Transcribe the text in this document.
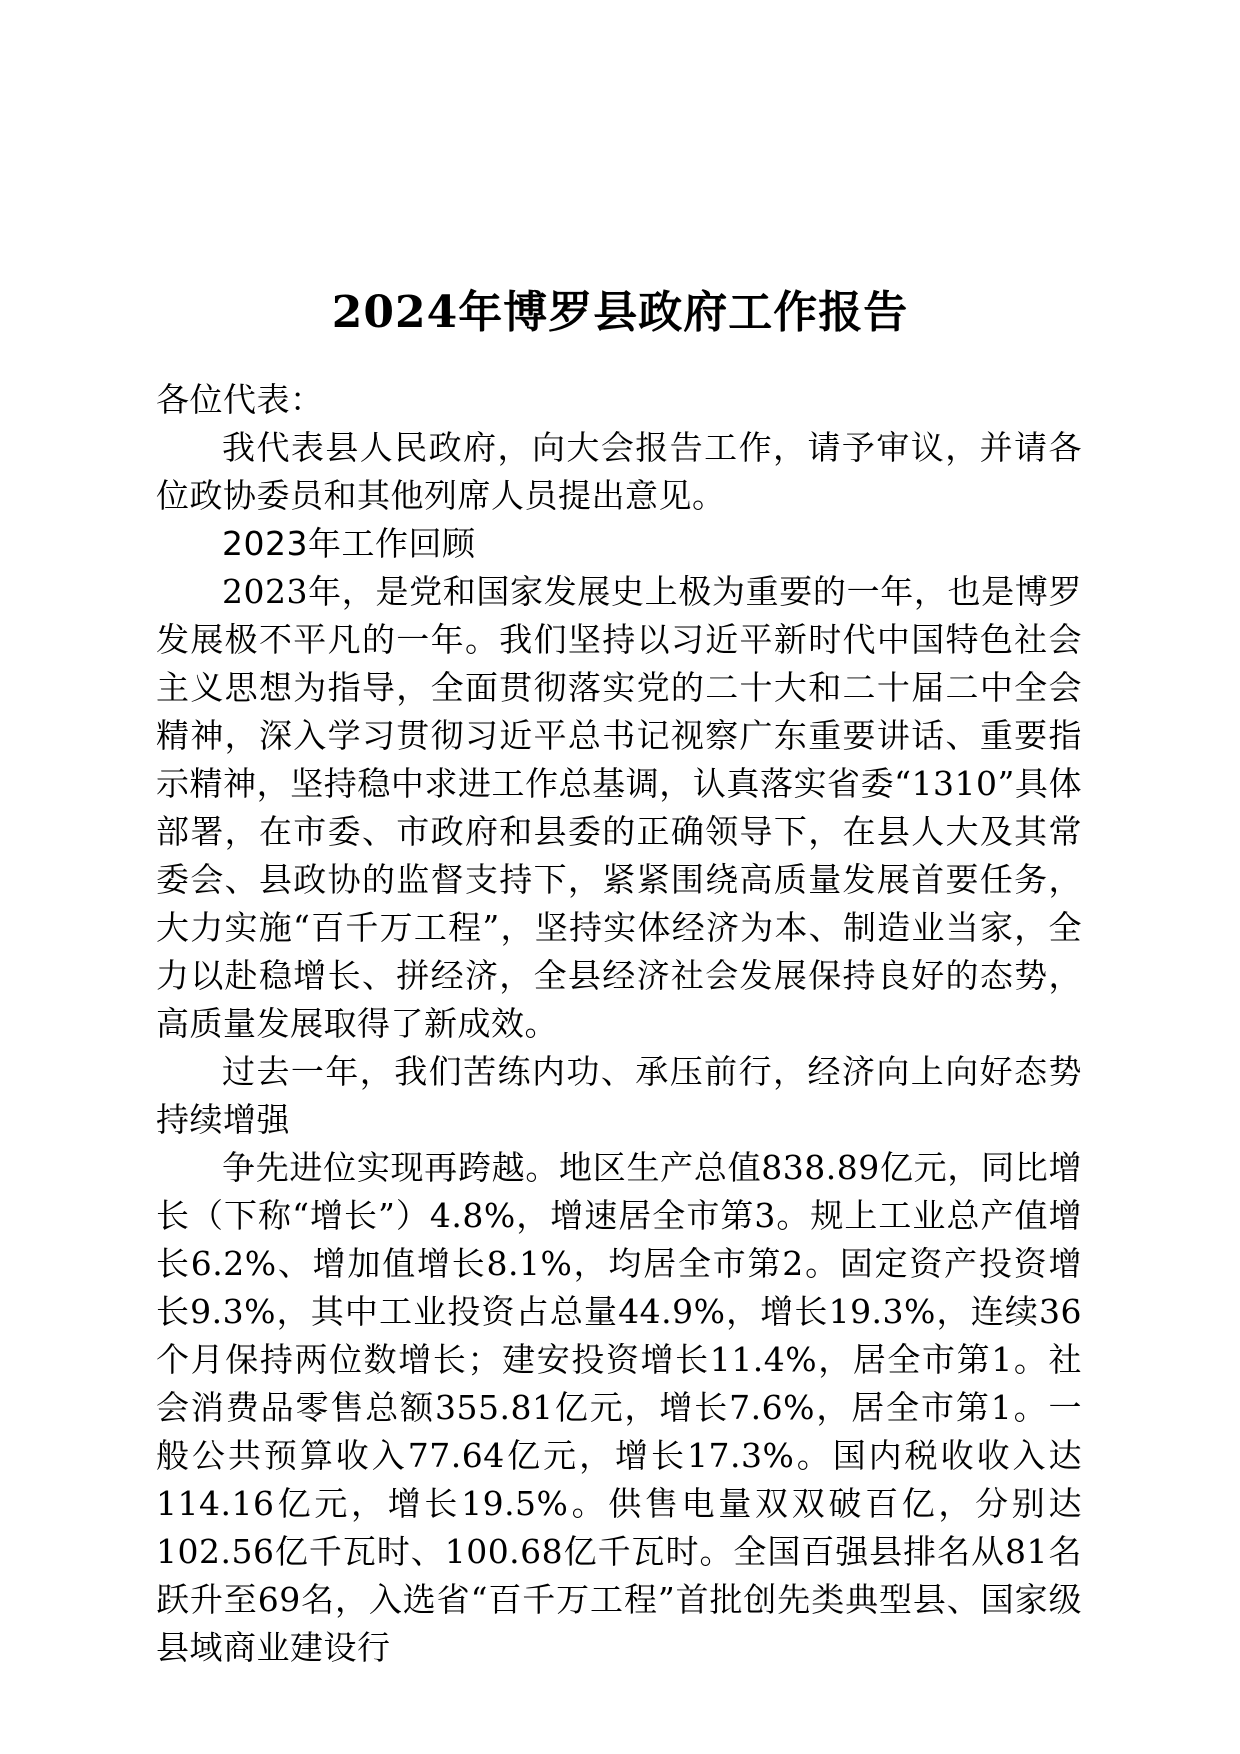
2024年博罗县政府工作报告

各位代表：

我代表县人民政府，向大会报告工作，请予审议，并请各位政协委员和其他列席人员提出意见。

2023年工作回顾

2023年，是党和国家发展史上极为重要的一年，也是博罗发展极不平凡的一年。我们坚持以习近平新时代中国特色社会主义思想为指导，全面贯彻落实党的二十大和二十届二中全会精神，深入学习贯彻习近平总书记视察广东重要讲话、重要指示精神，坚持稳中求进工作总基调，认真落实省委“1310”具体部署，在市委、市政府和县委的正确领导下，在县人大及其常委会、县政协的监督支持下，紧紧围绕高质量发展首要任务，大力实施“百千万工程”，坚持实体经济为本、制造业当家，全力以赴稳增长、拼经济，全县经济社会发展保持良好的态势，高质量发展取得了新成效。

过去一年，我们苦练内功、承压前行，经济向上向好态势持续增强

争先进位实现再跨越。地区生产总值838.89亿元，同比增长（下称“增长”）4.8%，增速居全市第3。规上工业总产值增长6.2%、增加值增长8.1%，均居全市第2。固定资产投资增长9.3%，其中工业投资占总量44.9%，增长19.3%，连续36个月保持两位数增长；建安投资增长11.4%，居全市第1。社会消费品零售总额355.81亿元，增长7.6%，居全市第1。一般公共预算收入77.64亿元，增长17.3%。国内税收收入达114.16亿元，增长19.5%。供售电量双双破百亿，分别达102.56亿千瓦时、100.68亿千瓦时。全国百强县排名从81名跃升至69名，入选省“百千万工程”首批创先类典型县、国家级县域商业建设行
